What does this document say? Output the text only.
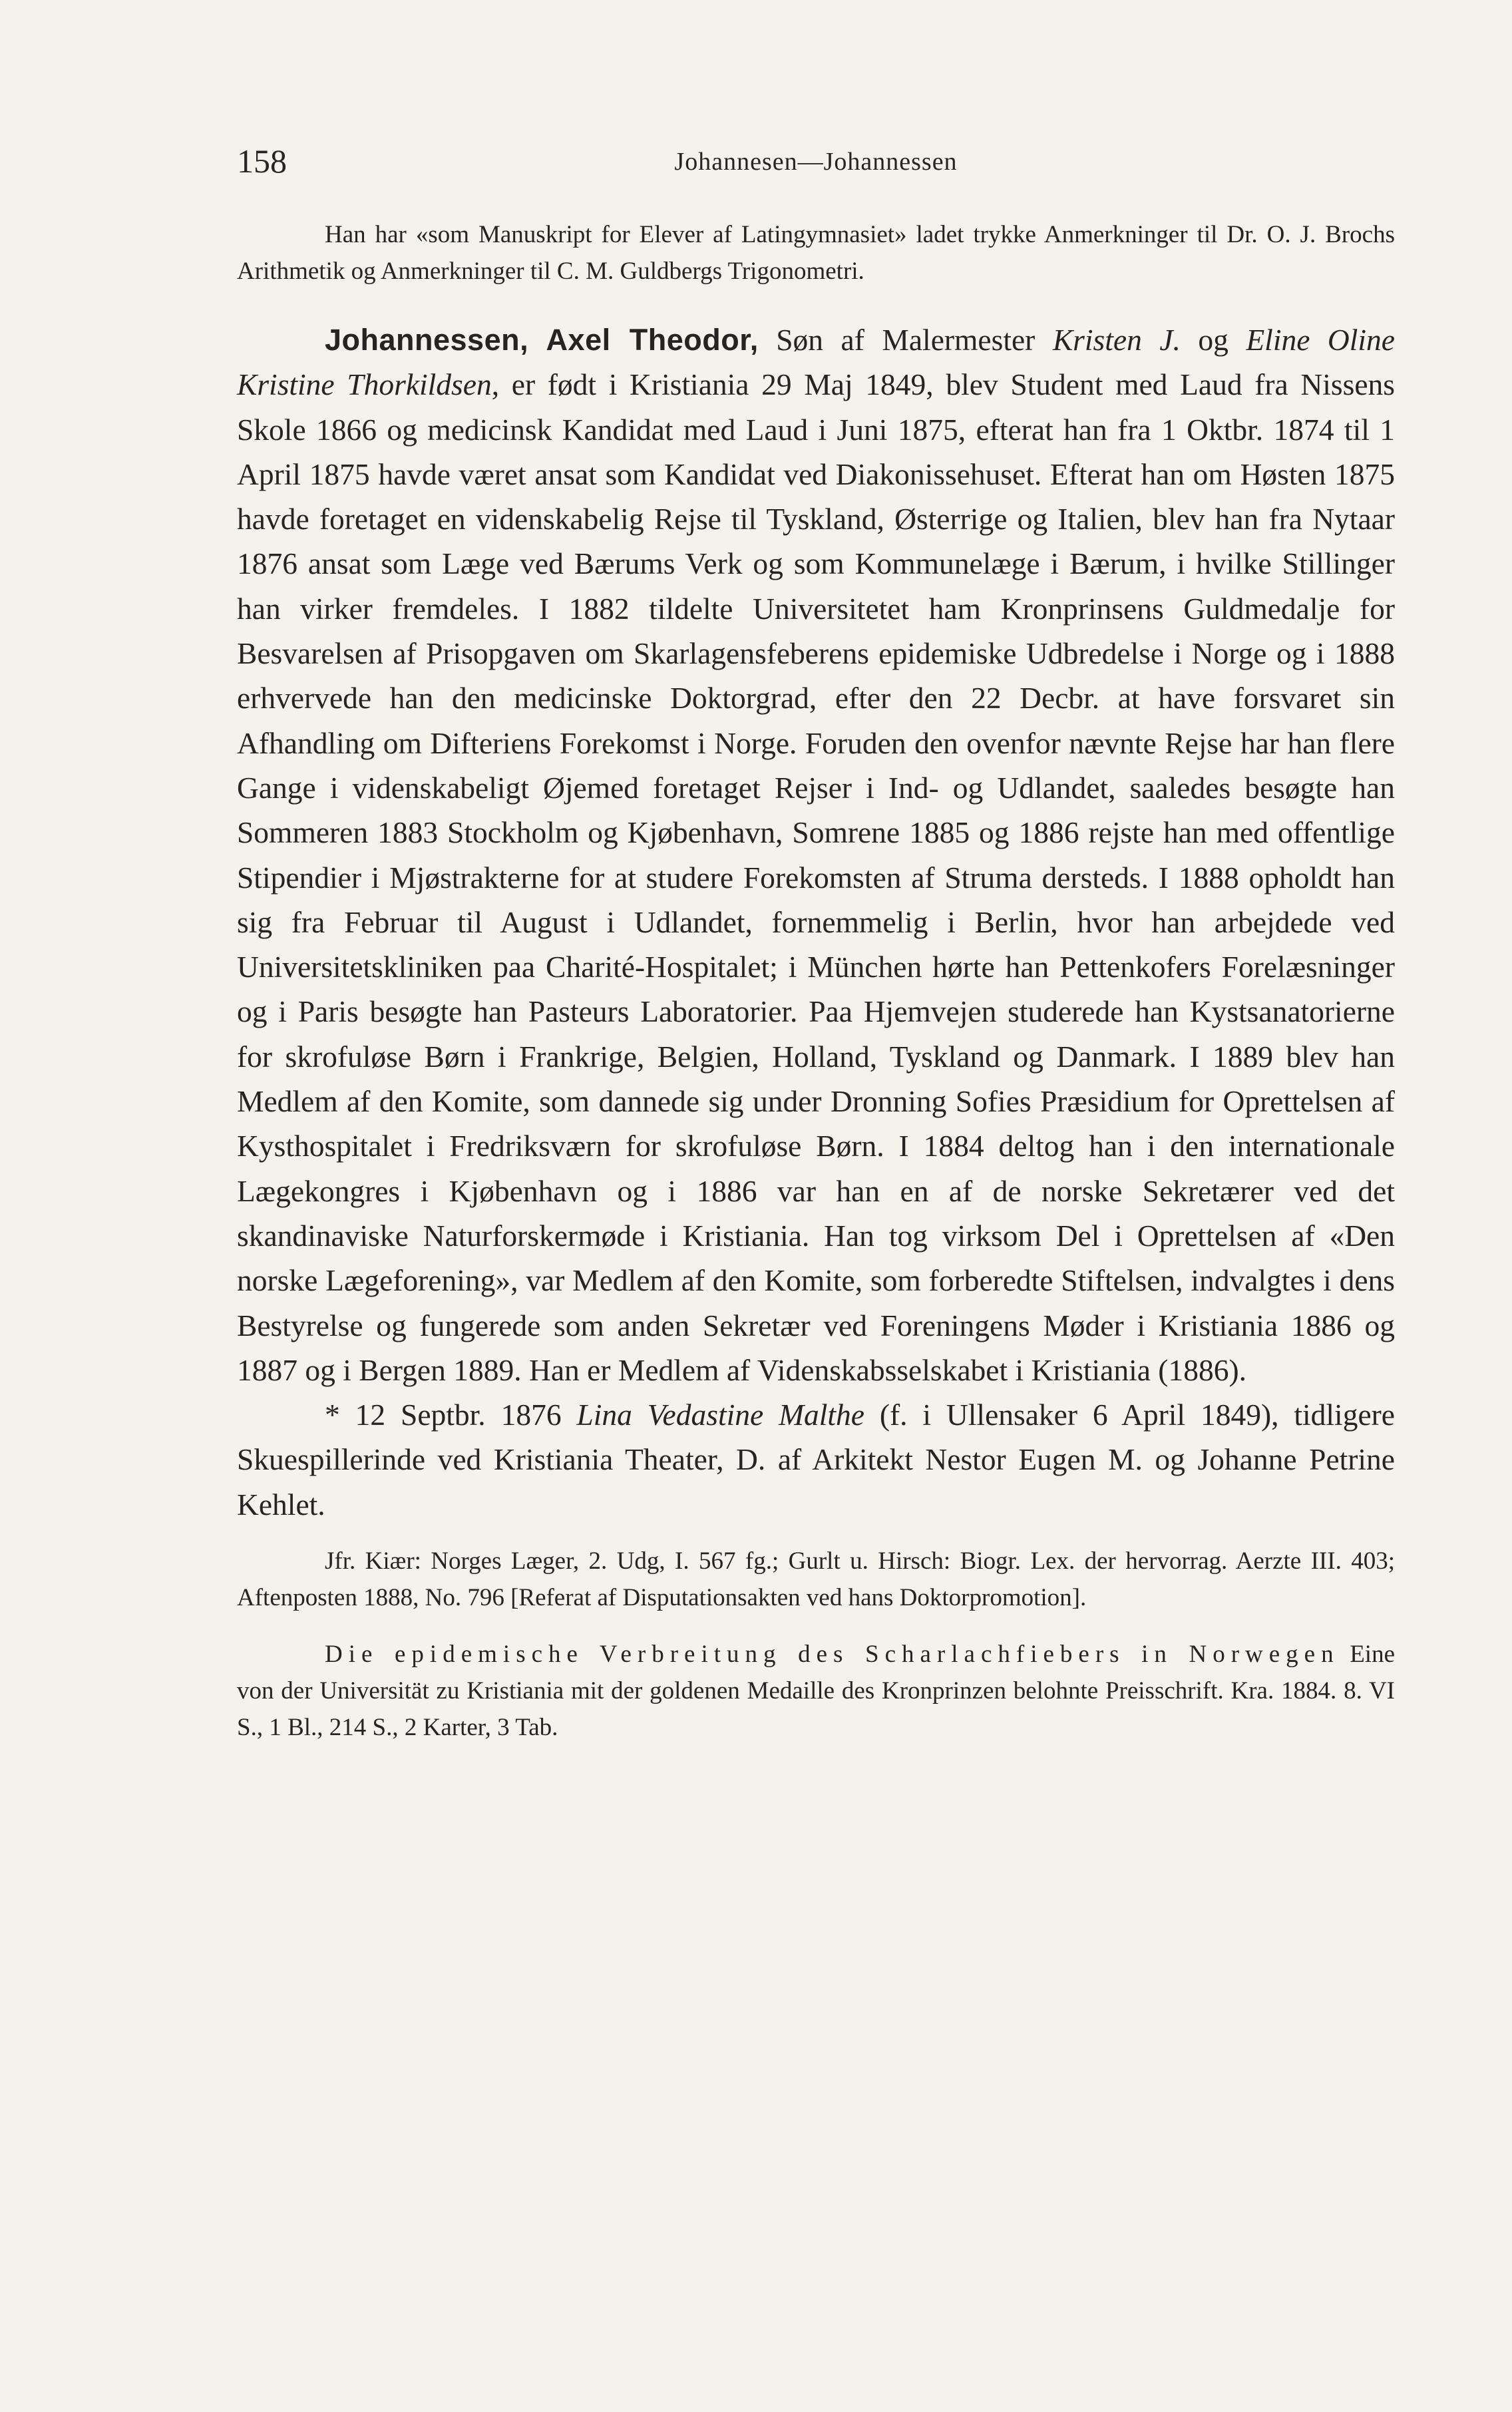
158	Johannesen—Johannessen

Han har «som Manuskript for Elever af Latingymnasiet» ladet trykke Anmerkninger til Dr. O. J. Brochs Arithmetik og Anmerkninger til C. M. Guldbergs Trigonometri.

Johannessen, Axel Theodor, Søn af Malermester Kristen J. og Eline Oline Kristine Thorkildsen, er født i Kristiania 29 Maj 1849, blev Student med Laud fra Nissens Skole 1866 og medicinsk Kandidat med Laud i Juni 1875, efterat han fra 1 Oktbr. 1874 til 1 April 1875 havde været ansat som Kandidat ved Diakonissehuset. Efterat han om Høsten 1875 havde foretaget en videnskabelig Rejse til Tyskland, Østerrige og Italien, blev han fra Nytaar 1876 ansat som Læge ved Bærums Verk og som Kommunelæge i Bærum, i hvilke Stillinger han virker fremdeles. I 1882 tildelte Universitetet ham Kronprinsens Guldmedalje for Besvarelsen af Prisopgaven om Skarlagensfeberens epidemiske Udbredelse i Norge og i 1888 erhvervede han den medicinske Doktorgrad, efter den 22 Decbr. at have forsvaret sin Afhandling om Difteriens Forekomst i Norge. Foruden den ovenfor nævnte Rejse har han flere Gange i videnskabeligt Øjemed foretaget Rejser i Ind- og Udlandet, saaledes besøgte han Sommeren 1883 Stockholm og Kjøbenhavn, Somrene 1885 og 1886 rejste han med offentlige Stipendier i Mjøstrakterne for at studere Forekomsten af Struma dersteds. I 1888 opholdt han sig fra Februar til August i Udlandet, fornemmelig i Berlin, hvor han arbejdede ved Universitetskliniken paa Charité-Hospitalet; i München hørte han Pettenkofers Forelæsninger og i Paris besøgte han Pasteurs Laboratorier. Paa Hjemvejen studerede han Kystsanatorierne for skrofuløse Børn i Frankrige, Belgien, Holland, Tyskland og Danmark. I 1889 blev han Medlem af den Komite, som dannede sig under Dronning Sofies Præsidium for Oprettelsen af Kysthospitalet i Fredriksværn for skrofuløse Børn. I 1884 deltog han i den internationale Lægekongres i Kjøbenhavn og i 1886 var han en af de norske Sekretærer ved det skandinaviske Naturforskermøde i Kristiania. Han tog virksom Del i Oprettelsen af «Den norske Lægeforening», var Medlem af den Komite, som forberedte Stiftelsen, indvalgtes i dens Bestyrelse og fungerede som anden Sekretær ved Foreningens Møder i Kristiania 1886 og 1887 og i Bergen 1889. Han er Medlem af Videnskabsselskabet i Kristiania (1886).

* 12 Septbr. 1876 Lina Vedastine Malthe (f. i Ullensaker 6 April 1849), tidligere Skuespillerinde ved Kristiania Theater, D. af Arkitekt Nestor Eugen M. og Johanne Petrine Kehlet.

Jfr. Kiær: Norges Læger, 2. Udg, I. 567 fg.; Gurlt u. Hirsch: Biogr. Lex. der hervorrag. Aerzte III. 403; Aftenposten 1888, No. 796 [Referat af Disputationsakten ved hans Doktorpromotion].

Die epidemische Verbreitung des Scharlachfiebers in Norwegen Eine von der Universität zu Kristiania mit der goldenen Medaille des Kronprinzen belohnte Preisschrift. Kra. 1884. 8. VI S., 1 Bl., 214 S., 2 Karter, 3 Tab.
